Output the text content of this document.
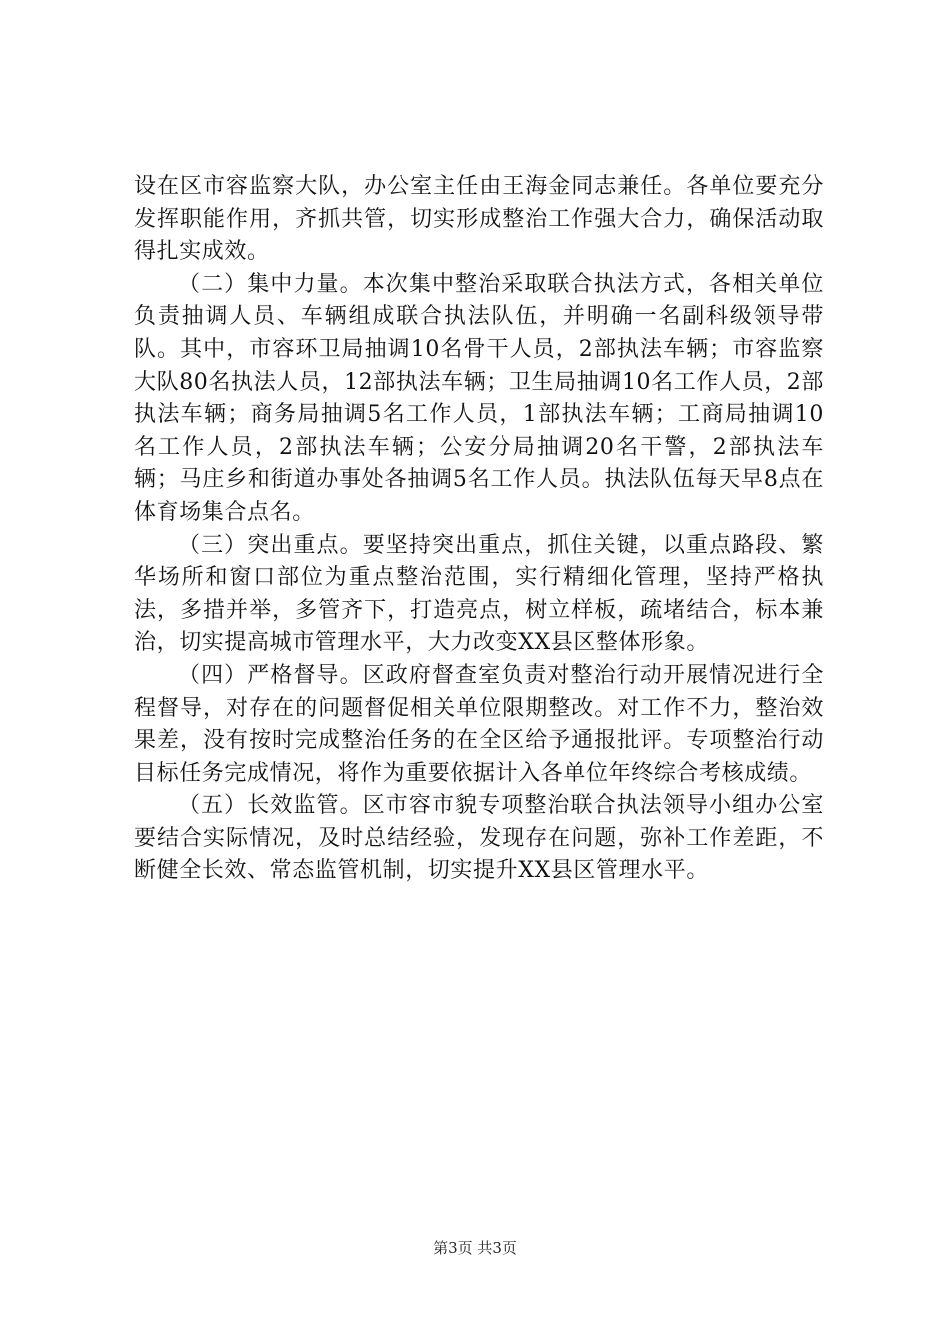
设在区市容监察大队，办公室主任由王海金同志兼任。各单位要充分发挥职能作用，齐抓共管，切实形成整治工作强大合力，确保活动取得扎实成效。

（二）集中力量。本次集中整治采取联合执法方式，各相关单位负责抽调人员、车辆组成联合执法队伍，并明确一名副科级领导带队。其中，市容环卫局抽调10名骨干人员，2部执法车辆；市容监察大队80名执法人员，12部执法车辆；卫生局抽调10名工作人员，2部执法车辆；商务局抽调5名工作人员，1部执法车辆；工商局抽调10名工作人员，2部执法车辆；公安分局抽调20名干警，2部执法车辆；马庄乡和街道办事处各抽调5名工作人员。执法队伍每天早8点在体育场集合点名。

（三）突出重点。要坚持突出重点，抓住关键，以重点路段、繁华场所和窗口部位为重点整治范围，实行精细化管理，坚持严格执法，多措并举，多管齐下，打造亮点，树立样板，疏堵结合，标本兼治，切实提高城市管理水平，大力改变XX县区整体形象。

（四）严格督导。区政府督查室负责对整治行动开展情况进行全程督导，对存在的问题督促相关单位限期整改。对工作不力，整治效果差，没有按时完成整治任务的在全区给予通报批评。专项整治行动目标任务完成情况，将作为重要依据计入各单位年终综合考核成绩。

（五）长效监管。区市容市貌专项整治联合执法领导小组办公室要结合实际情况，及时总结经验，发现存在问题，弥补工作差距，不断健全长效、常态监管机制，切实提升XX县区管理水平。

第3页 共3页
